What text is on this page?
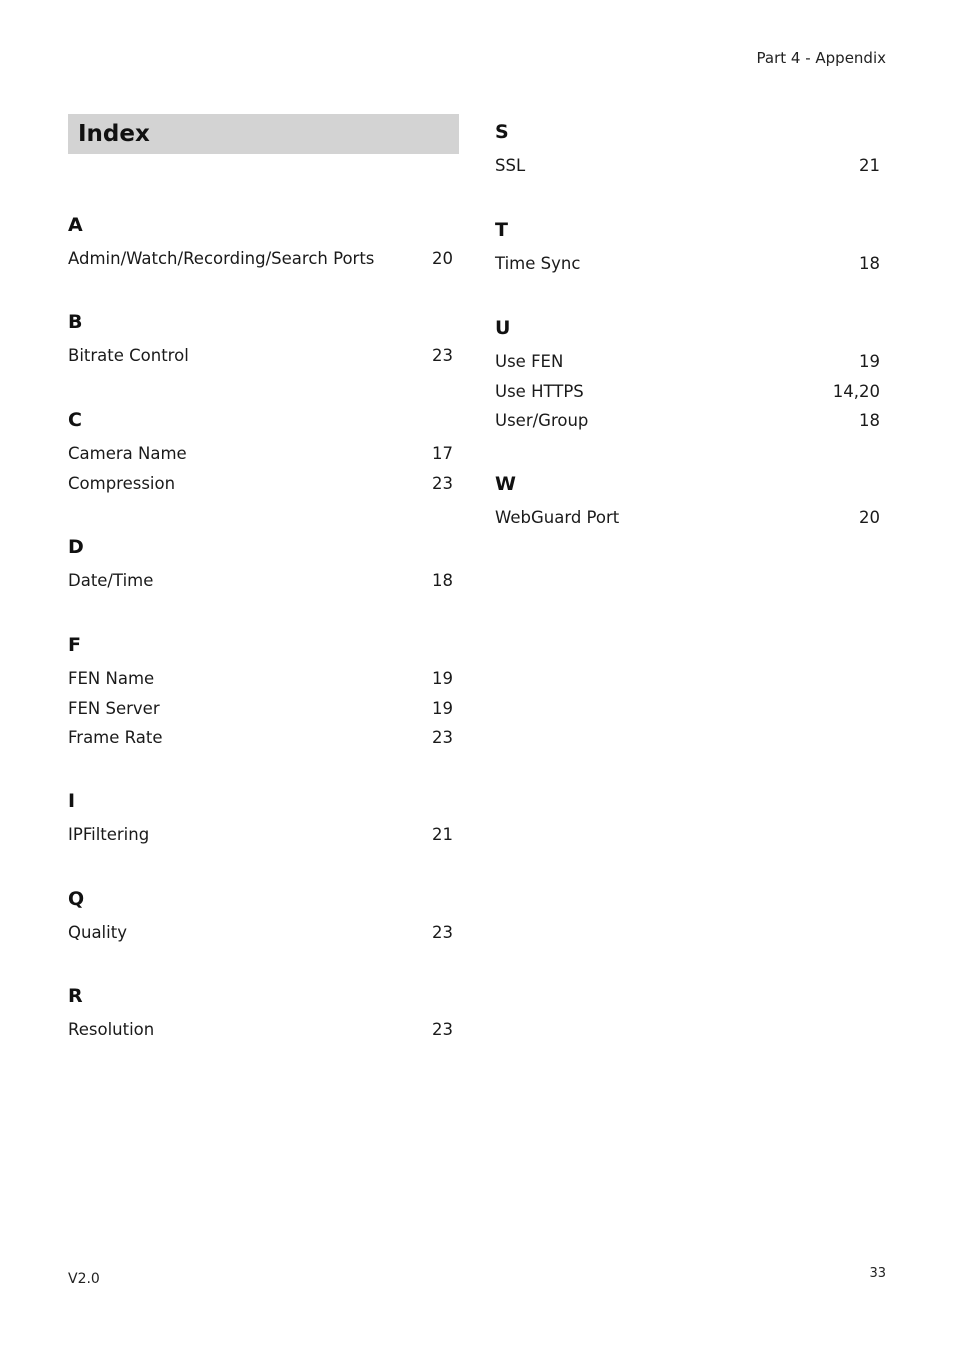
Part 4 - Appendix
Index
A
Admin/Watch/Recording/Search Ports	20
B
Bitrate Control	23
C
Camera Name	17
Compression	23
D
Date/Time	18
F
FEN Name	19
FEN Server	19
Frame Rate	23
I
IPFiltering	21
Q
Quality	23
R
Resolution	23
S
SSL	21
T
Time Sync	18
U
Use FEN	19
Use HTTPS	14,20
User/Group	18
W
WebGuard Port	20
V2.0	33
